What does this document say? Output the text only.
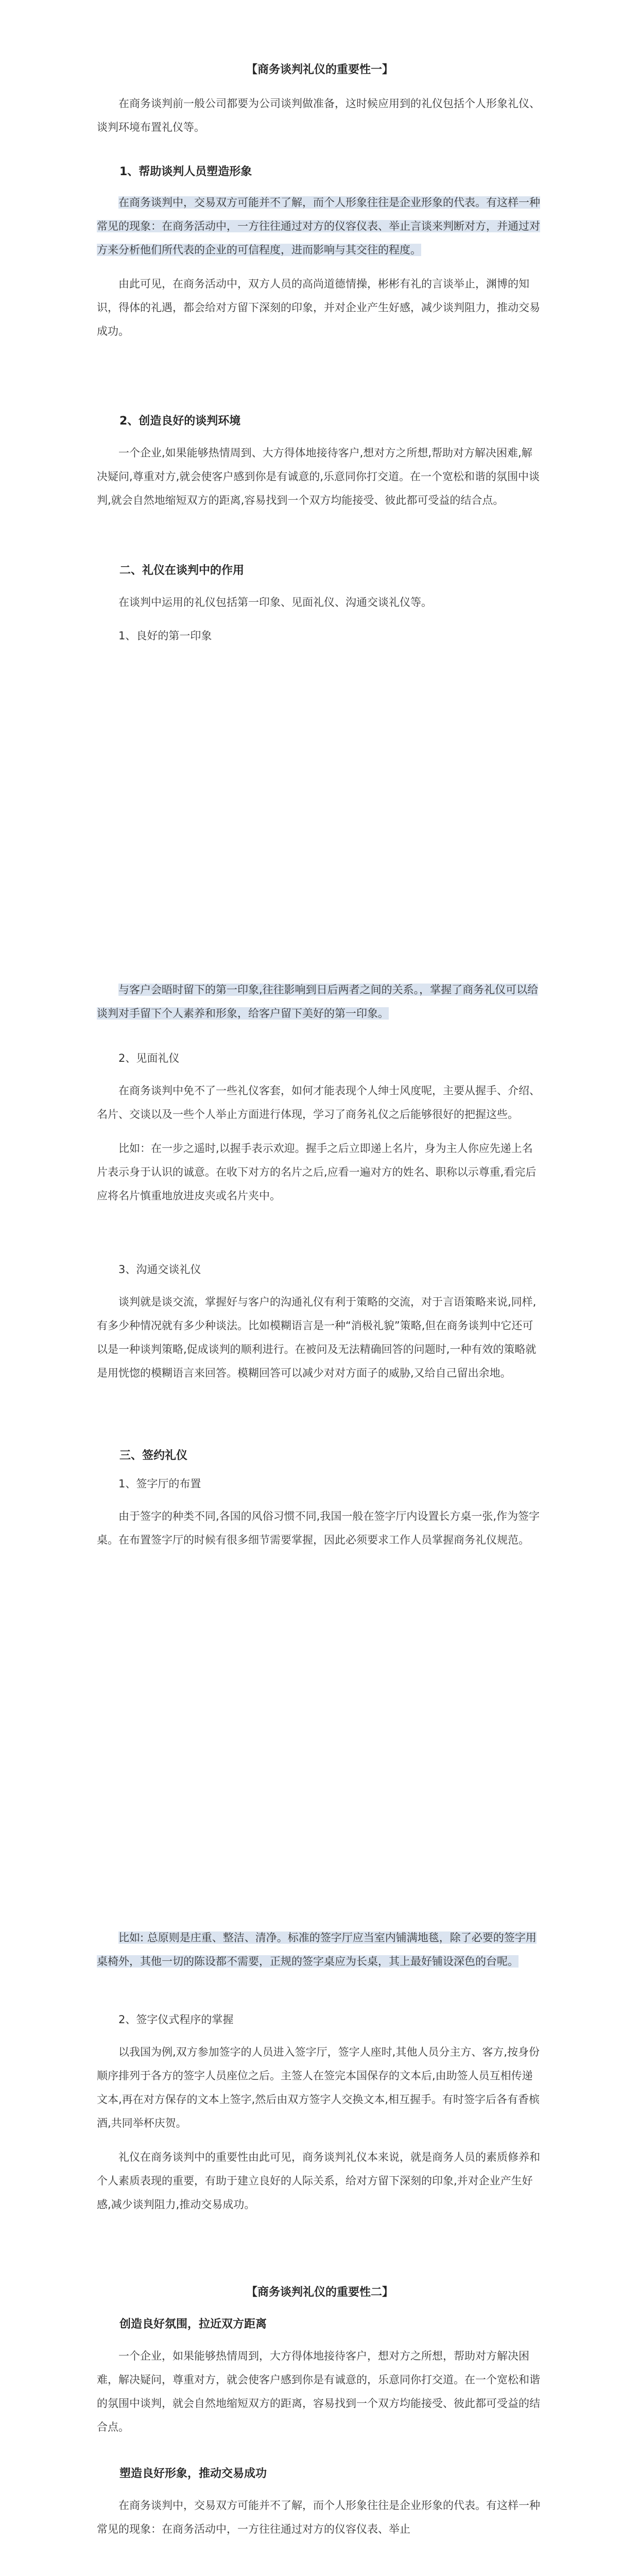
【商务谈判礼仪的重要性一】

在商务谈判前一般公司都要为公司谈判做准备，这时候应用到的礼仪包括个人形象礼仪、谈判环境布置礼仪等。

1、帮助谈判人员塑造形象

在商务谈判中，交易双方可能并不了解，而个人形象往往是企业形象的代表。有这样一种常见的现象：在商务活动中，一方往往通过对方的仪容仪表、举止言谈来判断对方，并通过对方来分析他们所代表的企业的可信程度，进而影响与其交往的程度。

由此可见，在商务活动中，双方人员的高尚道德情操，彬彬有礼的言谈举止，渊博的知识，得体的礼遇，都会给对方留下深刻的印象，并对企业产生好感，减少谈判阻力，推动交易成功。

2、创造良好的谈判环境

一个企业,如果能够热情周到、大方得体地接待客户,想对方之所想,帮助对方解决困难,解决疑问,尊重对方,就会使客户感到你是有诚意的,乐意同你打交道。在一个宽松和谐的氛围中谈判,就会自然地缩短双方的距离,容易找到一个双方均能接受、彼此都可受益的结合点。

二、礼仪在谈判中的作用

在谈判中运用的礼仪包括第一印象、见面礼仪、沟通交谈礼仪等。

1、良好的第一印象

与客户会晤时留下的第一印象,往往影响到日后两者之间的关系。，掌握了商务礼仪可以给谈判对手留下个人素养和形象，给客户留下美好的第一印象。

2、见面礼仪

在商务谈判中免不了一些礼仪客套，如何才能表现个人绅士风度呢，主要从握手、介绍、名片、交谈以及一些个人举止方面进行体现，学习了商务礼仪之后能够很好的把握这些。

比如：在一步之遥时,以握手表示欢迎。握手之后立即递上名片，身为主人你应先递上名片表示身于认识的诚意。在收下对方的名片之后,应看一遍对方的姓名、职称以示尊重,看完后应将名片慎重地放进皮夹或名片夹中。

3、沟通交谈礼仪

谈判就是谈交流，掌握好与客户的沟通礼仪有利于策略的交流，对于言语策略来说,同样,有多少种情况就有多少种谈法。比如模糊语言是一种“消极礼貌”策略,但在商务谈判中它还可以是一种谈判策略,促成谈判的顺利进行。在被问及无法精确回答的问题时,一种有效的策略就是用恍惚的模糊语言来回答。模糊回答可以减少对对方面子的威胁,又给自己留出余地。

三、签约礼仪

1、签字厅的布置

由于签字的种类不同,各国的风俗习惯不同,我国一般在签字厅内设置长方桌一张,作为签字桌。在布置签字厅的时候有很多细节需要掌握，因此必须要求工作人员掌握商务礼仪规范。

比如: 总原则是庄重、整洁、清净。标准的签字厅应当室内铺满地毯，除了必要的签字用桌椅外，其他一切的陈设都不需要，正规的签字桌应为长桌，其上最好铺设深色的台呢。

2、签字仪式程序的掌握

以我国为例,双方参加签字的人员进入签字厅，签字人座时,其他人员分主方、客方,按身份顺序排列于各方的签字人员座位之后。主签人在签完本国保存的文本后,由助签人员互相传递文本,再在对方保存的文本上签字,然后由双方签字人交换文本,相互握手。有时签字后各有香槟酒,共同举杯庆贺。

礼仪在商务谈判中的重要性由此可见，商务谈判礼仪本来说，就是商务人员的素质修养和个人素质表现的重要，有助于建立良好的人际关系，给对方留下深刻的印象,并对企业产生好感,减少谈判阻力,推动交易成功。

【商务谈判礼仪的重要性二】

创造良好氛围，拉近双方距离

一个企业，如果能够热情周到，大方得体地接待客户，想对方之所想，帮助对方解决困难，解决疑问，尊重对方，就会使客户感到你是有诚意的，乐意同你打交道。在一个宽松和谐的氛围中谈判，就会自然地缩短双方的距离，容易找到一个双方均能接受、彼此都可受益的结合点。

塑造良好形象，推动交易成功

在商务谈判中，交易双方可能并不了解，而个人形象往往是企业形象的代表。有这样一种常见的现象：在商务活动中，一方往往通过对方的仪容仪表、举止
